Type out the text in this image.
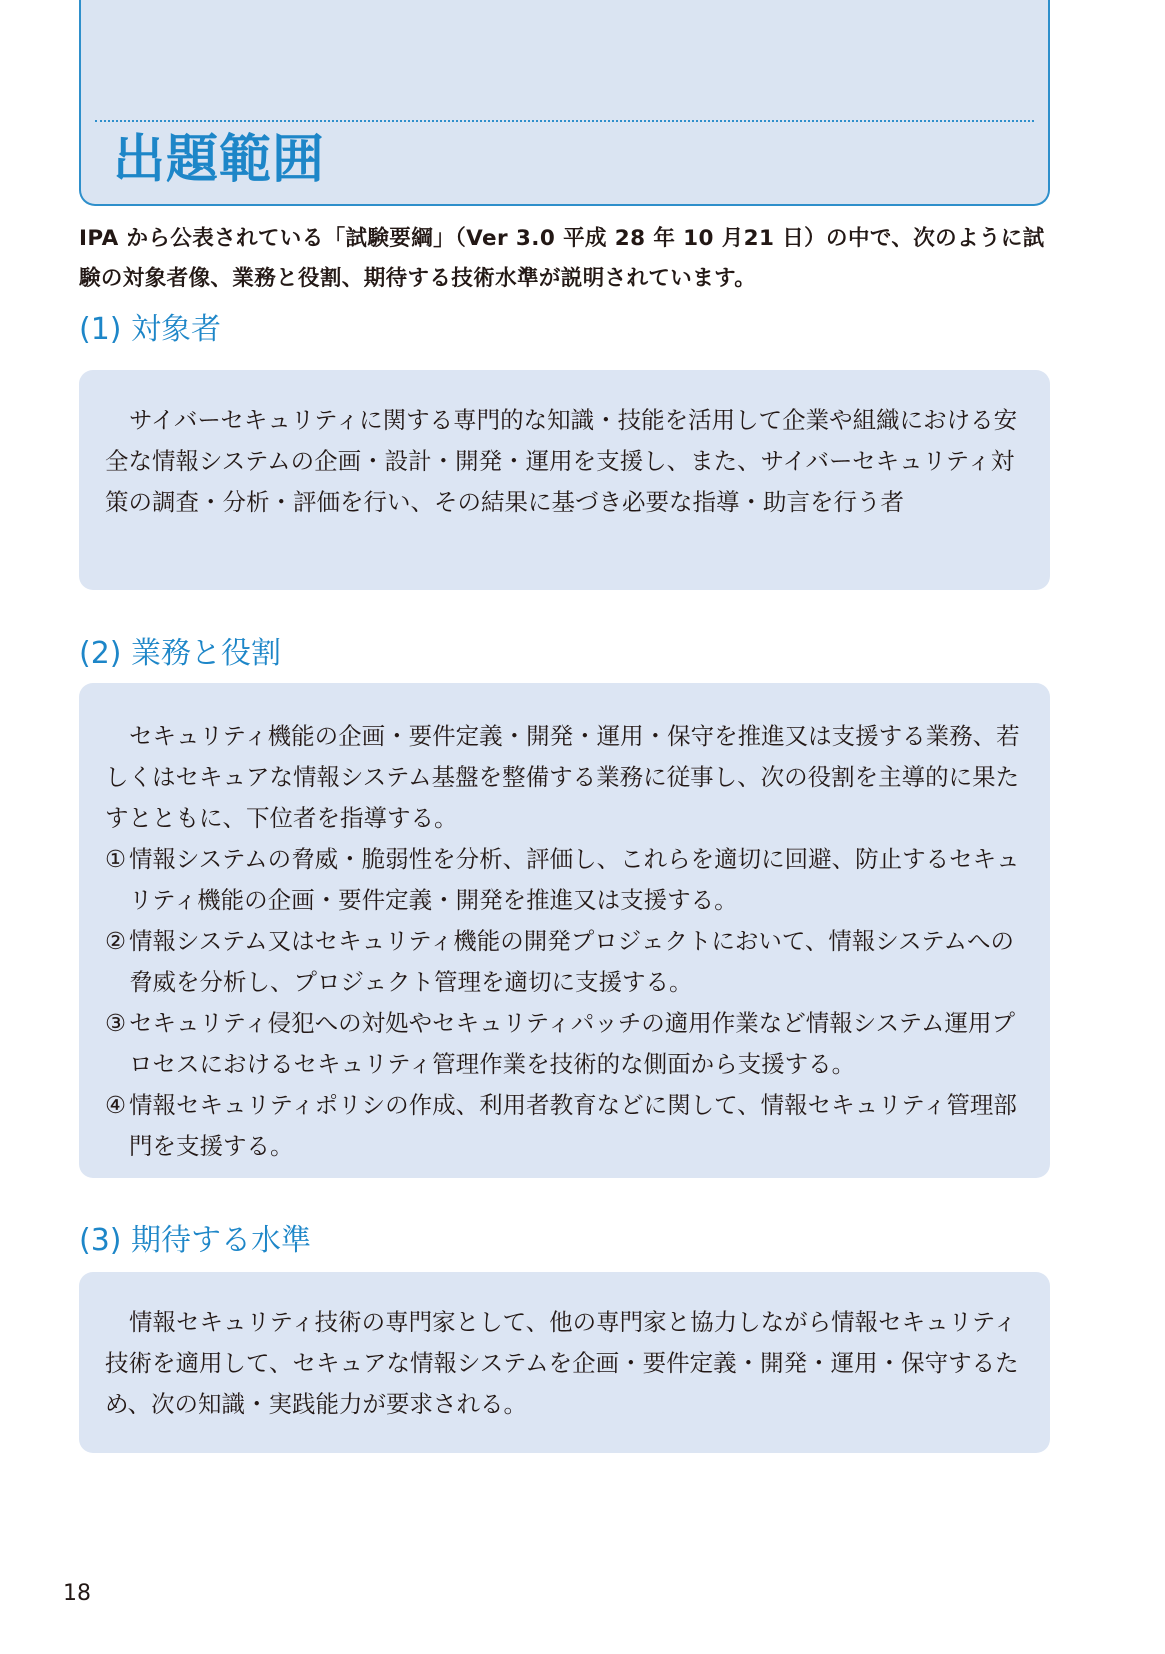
出題範囲

IPA から公表されている「試験要綱」（Ver 3.0 平成 28 年 10 月21 日）の中で、次のように試験の対象者像、業務と役割、期待する技術水準が説明されています。

(1) 対象者

サイバーセキュリティに関する専門的な知識・技能を活用して企業や組織における安全な情報システムの企画・設計・開発・運用を支援し、また、サイバーセキュリティ対策の調査・分析・評価を行い、その結果に基づき必要な指導・助言を行う者

(2) 業務と役割

セキュリティ機能の企画・要件定義・開発・運用・保守を推進又は支援する業務、若しくはセキュアな情報システム基盤を整備する業務に従事し、次の役割を主導的に果たすとともに、下位者を指導する。

① 情報システムの脅威・脆弱性を分析、評価し、これらを適切に回避、防止するセキュリティ機能の企画・要件定義・開発を推進又は支援する。
② 情報システム又はセキュリティ機能の開発プロジェクトにおいて、情報システムへの脅威を分析し、プロジェクト管理を適切に支援する。
③ セキュリティ侵犯への対処やセキュリティパッチの適用作業など情報システム運用プロセスにおけるセキュリティ管理作業を技術的な側面から支援する。
④ 情報セキュリティポリシの作成、利用者教育などに関して、情報セキュリティ管理部門を支援する。
(3) 期待する水準

情報セキュリティ技術の専門家として、他の専門家と協力しながら情報セキュリティ技術を適用して、セキュアな情報システムを企画・要件定義・開発・運用・保守するため、次の知識・実践能力が要求される。

18
